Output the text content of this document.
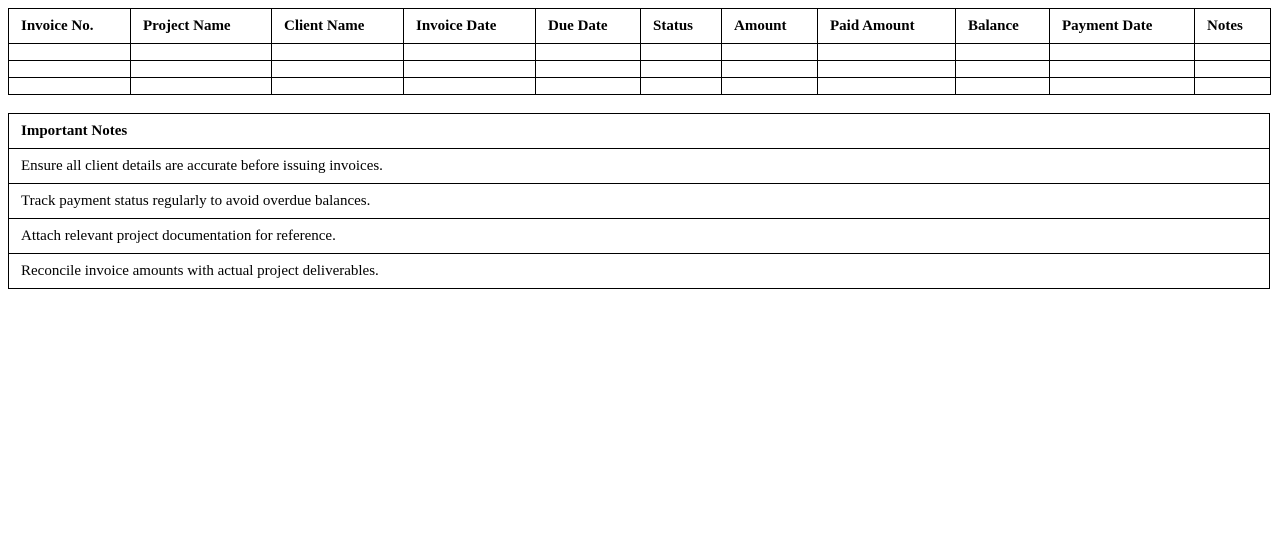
Invoice No.	Project Name	Client Name	Invoice Date	Due Date	Status	Amount	Paid Amount	Balance	Payment Date	Notes

Important Notes
Ensure all client details are accurate before issuing invoices.
Track payment status regularly to avoid overdue balances.
Attach relevant project documentation for reference.
Reconcile invoice amounts with actual project deliverables.
